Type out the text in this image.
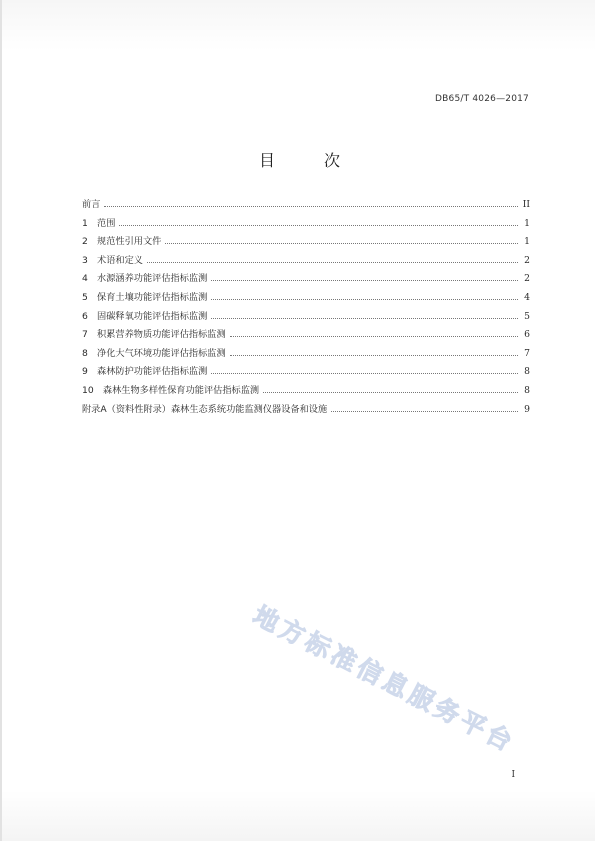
DB65/T 4026—2017
目 次
前言	II
1　范围	1
2　规范性引用文件	1
3　术语和定义	2
4　水源涵养功能评估指标监测	2
5　保育土壤功能评估指标监测	4
6　固碳释氧功能评估指标监测	5
7　积累营养物质功能评估指标监测	6
8　净化大气环境功能评估指标监测	7
9　森林防护功能评估指标监测	8
10　森林生物多样性保育功能评估指标监测	8
附录A（资料性附录）森林生态系统功能监测仪器设备和设施	9
地方标准信息服务平台
I
